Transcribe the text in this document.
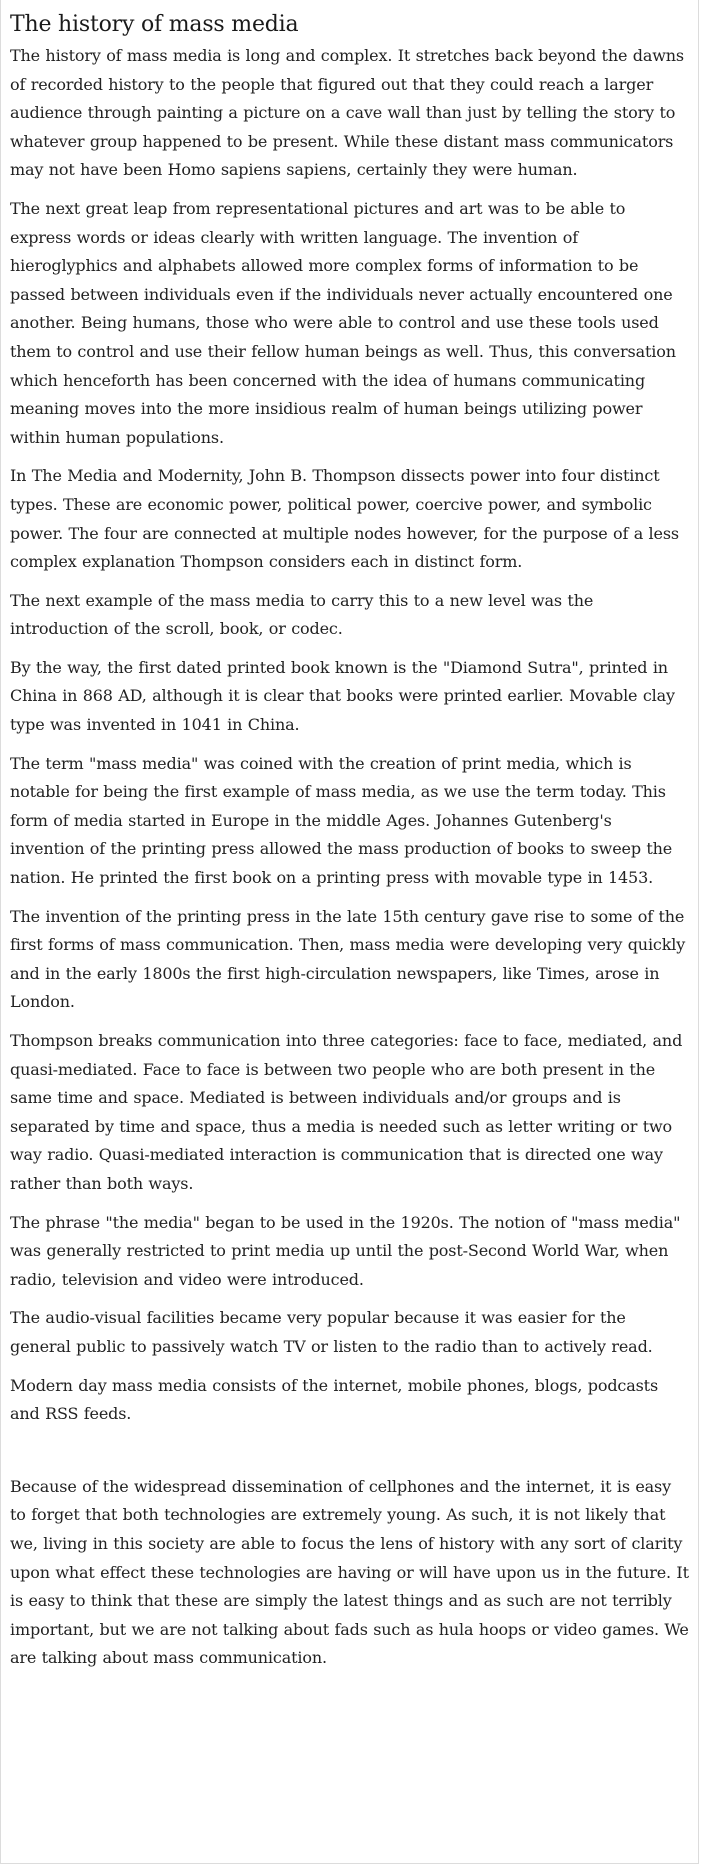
The history of mass media

The history of mass media is long and complex. It stretches back beyond the dawns of recorded history to the people that figured out that they could reach a larger audience through painting a picture on a cave wall than just by telling the story to whatever group happened to be present. While these distant mass communicators may not have been Homo sapiens sapiens, certainly they were human.

The next great leap from representational pictures and art was to be able to express words or ideas clearly with written language. The invention of hieroglyphics and alphabets allowed more complex forms of information to be passed between individuals even if the individuals never actually encountered one another. Being humans, those who were able to control and use these tools used them to control and use their fellow human beings as well. Thus, this conversation which henceforth has been concerned with the idea of humans communicating meaning moves into the more insidious realm of human beings utilizing power within human populations.

In The Media and Modernity, John B. Thompson dissects power into four distinct types. These are economic power, political power, coercive power, and symbolic power. The four are connected at multiple nodes however, for the purpose of a less complex explanation Thompson considers each in distinct form.

The next example of the mass media to carry this to a new level was the introduction of the scroll, book, or codec.

By the way, the first dated printed book known is the "Diamond Sutra", printed in China in 868 AD, although it is clear that books were printed earlier. Movable clay type was invented in 1041 in China.

The term "mass media" was coined with the creation of print media, which is notable for being the first example of mass media, as we use the term today. This form of media started in Europe in the middle Ages. Johannes Gutenberg's invention of the printing press allowed the mass production of books to sweep the nation. He printed the first book on a printing press with movable type in 1453.

The invention of the printing press in the late 15th century gave rise to some of the first forms of mass communication. Then, mass media were developing very quickly and in the early 1800s the first high-circulation newspapers, like Times, arose in London.

Thompson breaks communication into three categories: face to face, mediated, and quasi-mediated. Face to face is between two people who are both present in the same time and space. Mediated is between individuals and/or groups and is separated by time and space, thus a media is needed such as letter writing or two way radio. Quasi-mediated interaction is communication that is directed one way rather than both ways.

The phrase "the media" began to be used in the 1920s. The notion of "mass media" was generally restricted to print media up until the post-Second World War, when radio, television and video were introduced.

The audio-visual facilities became very popular because it was easier for the general public to passively watch TV or listen to the radio than to actively read.

Modern day mass media consists of the internet, mobile phones, blogs, podcasts and RSS feeds.

Because of the widespread dissemination of cellphones and the internet, it is easy to forget that both technologies are extremely young. As such, it is not likely that we, living in this society are able to focus the lens of history with any sort of clarity upon what effect these technologies are having or will have upon us in the future. It is easy to think that these are simply the latest things and as such are not terribly important, but we are not talking about fads such as hula hoops or video games. We are talking about mass communication.
